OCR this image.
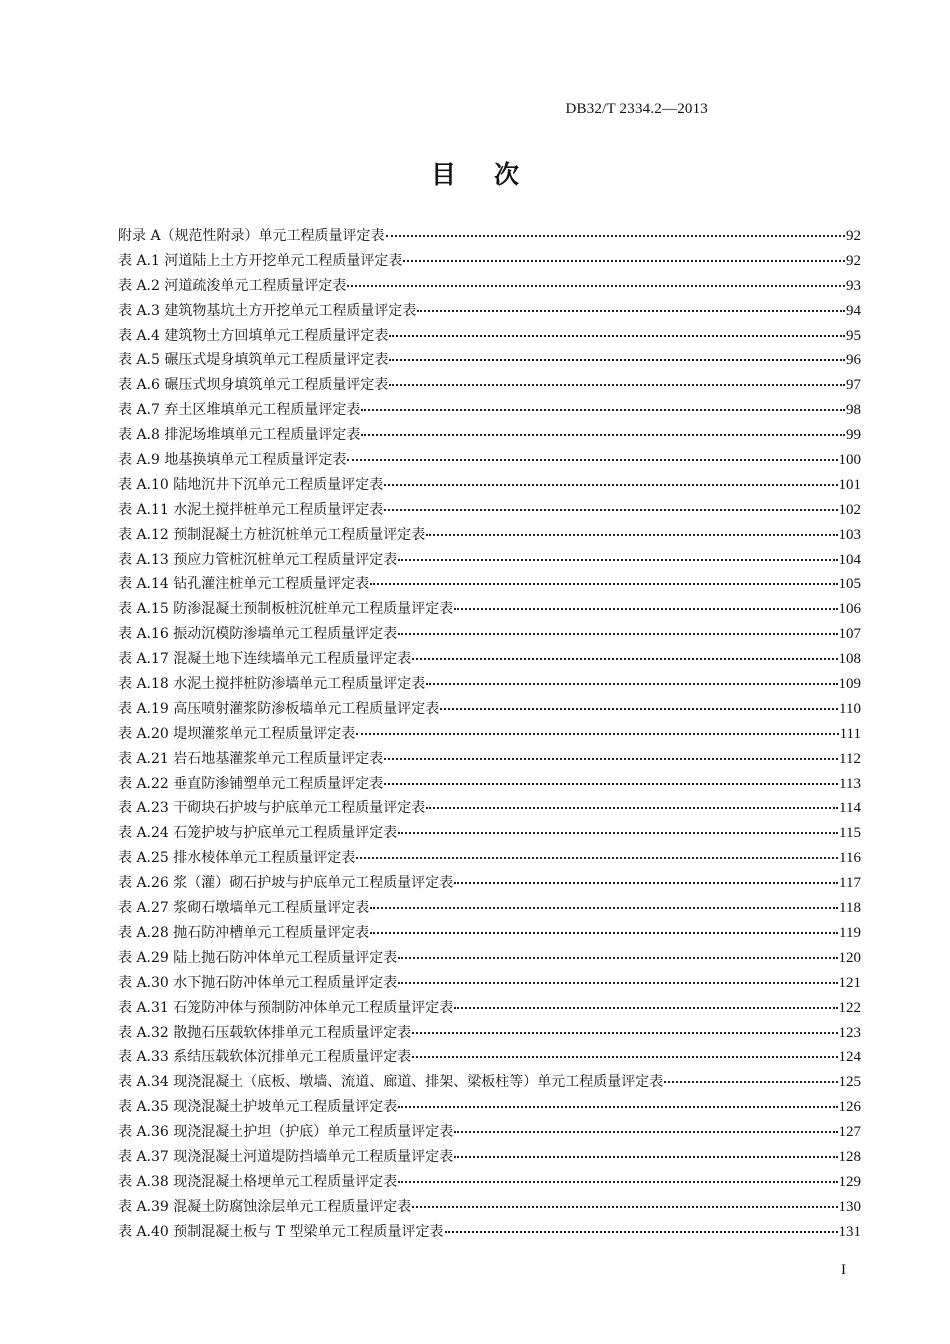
DB32/T 2334.2—2013
目次
附录 A（规范性附录）单元工程质量评定表	92
表 A.1 河道陆上土方开挖单元工程质量评定表	92
表 A.2 河道疏浚单元工程质量评定表	93
表 A.3 建筑物基坑土方开挖单元工程质量评定表	94
表 A.4 建筑物土方回填单元工程质量评定表	95
表 A.5 碾压式堤身填筑单元工程质量评定表	96
表 A.6 碾压式坝身填筑单元工程质量评定表	97
表 A.7 弃土区堆填单元工程质量评定表	98
表 A.8 排泥场堆填单元工程质量评定表	99
表 A.9 地基换填单元工程质量评定表	100
表 A.10 陆地沉井下沉单元工程质量评定表	101
表 A.11 水泥土搅拌桩单元工程质量评定表	102
表 A.12 预制混凝土方桩沉桩单元工程质量评定表	103
表 A.13 预应力管桩沉桩单元工程质量评定表	104
表 A.14 钻孔灌注桩单元工程质量评定表	105
表 A.15 防渗混凝土预制板桩沉桩单元工程质量评定表	106
表 A.16 振动沉模防渗墙单元工程质量评定表	107
表 A.17 混凝土地下连续墙单元工程质量评定表	108
表 A.18 水泥土搅拌桩防渗墙单元工程质量评定表	109
表 A.19 高压喷射灌浆防渗板墙单元工程质量评定表	110
表 A.20 堤坝灌浆单元工程质量评定表	111
表 A.21 岩石地基灌浆单元工程质量评定表	112
表 A.22 垂直防渗铺塑单元工程质量评定表	113
表 A.23 干砌块石护坡与护底单元工程质量评定表	114
表 A.24 石笼护坡与护底单元工程质量评定表	115
表 A.25 排水棱体单元工程质量评定表	116
表 A.26 浆（灌）砌石护坡与护底单元工程质量评定表	117
表 A.27 浆砌石墩墙单元工程质量评定表	118
表 A.28 抛石防冲槽单元工程质量评定表	119
表 A.29 陆上抛石防冲体单元工程质量评定表	120
表 A.30 水下抛石防冲体单元工程质量评定表	121
表 A.31 石笼防冲体与预制防冲体单元工程质量评定表	122
表 A.32 散抛石压载软体排单元工程质量评定表	123
表 A.33 系结压载软体沉排单元工程质量评定表	124
表 A.34 现浇混凝土（底板、墩墙、流道、廊道、排架、梁板柱等）单元工程质量评定表	125
表 A.35 现浇混凝土护坡单元工程质量评定表	126
表 A.36 现浇混凝土护坦（护底）单元工程质量评定表	127
表 A.37 现浇混凝土河道堤防挡墙单元工程质量评定表	128
表 A.38 现浇混凝土格埂单元工程质量评定表	129
表 A.39 混凝土防腐蚀涂层单元工程质量评定表	130
表 A.40 预制混凝土板与 T 型梁单元工程质量评定表	131
I
